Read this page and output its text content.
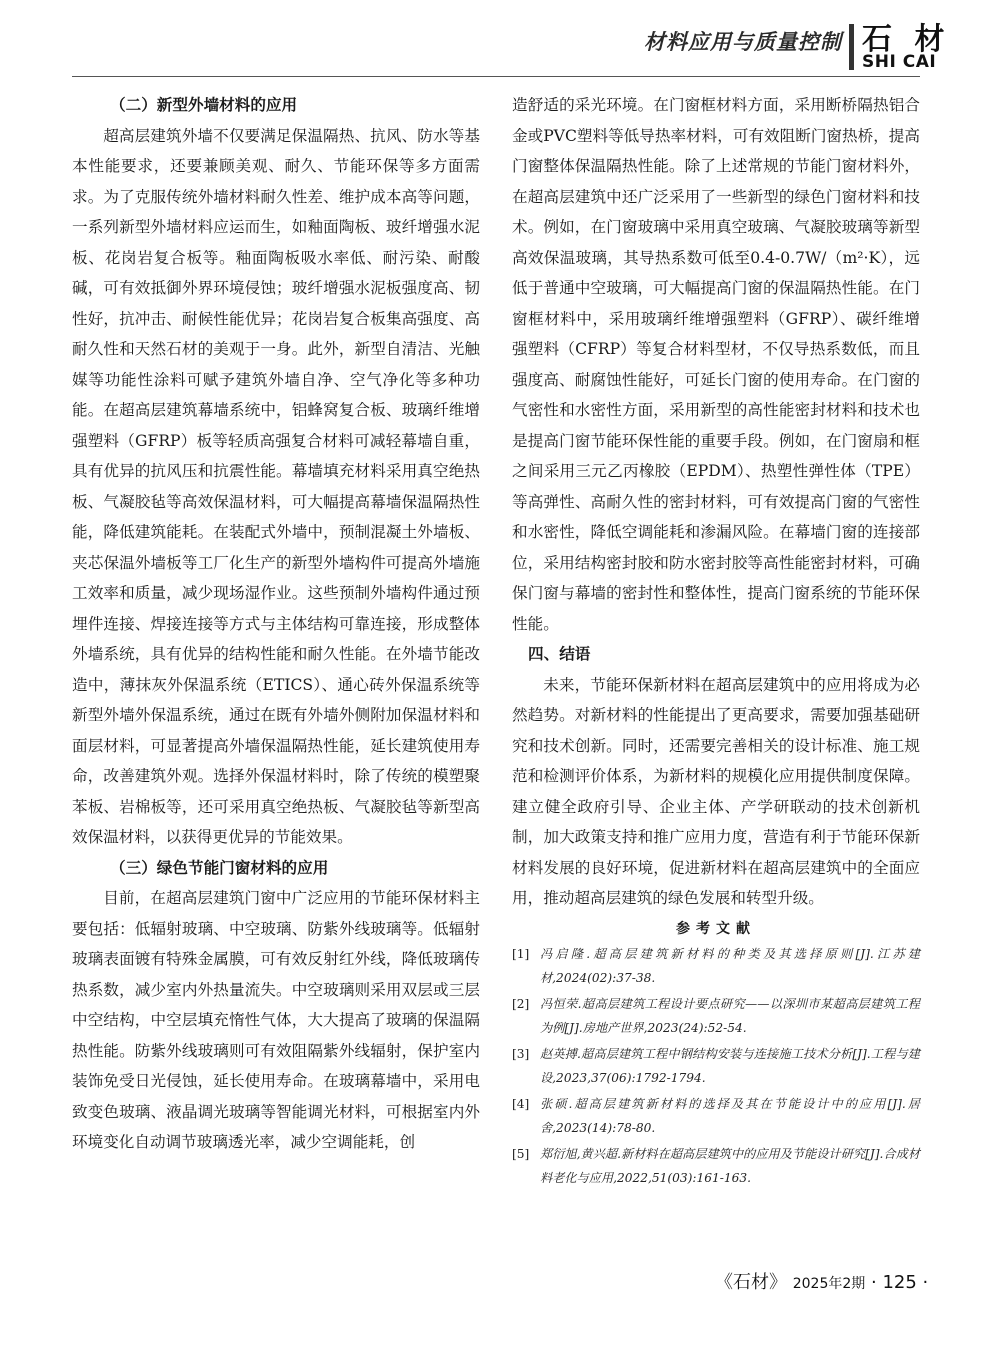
材料应用与质量控制 石 材
SHI CAI

（二）新型外墙材料的应用

超高层建筑外墙不仅要满足保温隔热、抗风、防水等基本性能要求，还要兼顾美观、耐久、节能环保等多方面需求。为了克服传统外墙材料耐久性差、维护成本高等问题，一系列新型外墙材料应运而生，如釉面陶板、玻纤增强水泥板、花岗岩复合板等。釉面陶板吸水率低、耐污染、耐酸碱，可有效抵御外界环境侵蚀；玻纤增强水泥板强度高、韧性好，抗冲击、耐候性能优异；花岗岩复合板集高强度、高耐久性和天然石材的美观于一身。此外，新型自清洁、光触媒等功能性涂料可赋予建筑外墙自净、空气净化等多种功能。在超高层建筑幕墙系统中，铝蜂窝复合板、玻璃纤维增强塑料（GFRP）板等轻质高强复合材料可减轻幕墙自重，具有优异的抗风压和抗震性能。幕墙填充材料采用真空绝热板、气凝胶毡等高效保温材料，可大幅提高幕墙保温隔热性能，降低建筑能耗。在装配式外墙中，预制混凝土外墙板、夹芯保温外墙板等工厂化生产的新型外墙构件可提高外墙施工效率和质量，减少现场湿作业。这些预制外墙构件通过预埋件连接、焊接连接等方式与主体结构可靠连接，形成整体外墙系统，具有优异的结构性能和耐久性能。在外墙节能改造中，薄抹灰外保温系统（ETICS）、通心砖外保温系统等新型外墙外保温系统，通过在既有外墙外侧附加保温材料和面层材料，可显著提高外墙保温隔热性能，延长建筑使用寿命，改善建筑外观。选择外保温材料时，除了传统的模塑聚苯板、岩棉板等，还可采用真空绝热板、气凝胶毡等新型高效保温材料，以获得更优异的节能效果。

（三）绿色节能门窗材料的应用

目前，在超高层建筑门窗中广泛应用的节能环保材料主要包括：低辐射玻璃、中空玻璃、防紫外线玻璃等。低辐射玻璃表面镀有特殊金属膜，可有效反射红外线，降低玻璃传热系数，减少室内外热量流失。中空玻璃则采用双层或三层中空结构，中空层填充惰性气体，大大提高了玻璃的保温隔热性能。防紫外线玻璃则可有效阻隔紫外线辐射，保护室内装饰免受日光侵蚀，延长使用寿命。在玻璃幕墙中，采用电致变色玻璃、液晶调光玻璃等智能调光材料，可根据室内外环境变化自动调节玻璃透光率，减少空调能耗，创

造舒适的采光环境。在门窗框材料方面，采用断桥隔热铝合金或PVC塑料等低导热率材料，可有效阻断门窗热桥，提高门窗整体保温隔热性能。除了上述常规的节能门窗材料外，在超高层建筑中还广泛采用了一些新型的绿色门窗材料和技术。例如，在门窗玻璃中采用真空玻璃、气凝胶玻璃等新型高效保温玻璃，其导热系数可低至0.4-0.7W/（m²·K），远低于普通中空玻璃，可大幅提高门窗的保温隔热性能。在门窗框材料中，采用玻璃纤维增强塑料（GFRP）、碳纤维增强塑料（CFRP）等复合材料型材，不仅导热系数低，而且强度高、耐腐蚀性能好，可延长门窗的使用寿命。在门窗的气密性和水密性方面，采用新型的高性能密封材料和技术也是提高门窗节能环保性能的重要手段。例如，在门窗扇和框之间采用三元乙丙橡胶（EPDM）、热塑性弹性体（TPE）等高弹性、高耐久性的密封材料，可有效提高门窗的气密性和水密性，降低空调能耗和渗漏风险。在幕墙门窗的连接部位，采用结构密封胶和防水密封胶等高性能密封材料，可确保门窗与幕墙的密封性和整体性，提高门窗系统的节能环保性能。

四、结语

未来，节能环保新材料在超高层建筑中的应用将成为必然趋势。对新材料的性能提出了更高要求，需要加强基础研究和技术创新。同时，还需要完善相关的设计标准、施工规范和检测评价体系，为新材料的规模化应用提供制度保障。建立健全政府引导、企业主体、产学研联动的技术创新机制，加大政策支持和推广应用力度，营造有利于节能环保新材料发展的良好环境，促进新材料在超高层建筑中的全面应用，推动超高层建筑的绿色发展和转型升级。

参考文献
[1] 冯启隆.超高层建筑新材料的种类及其选择原则[J].江苏建材,2024(02):37-38.
[2] 冯恒荣.超高层建筑工程设计要点研究——以深圳市某超高层建筑工程为例[J].房地产世界,2023(24):52-54.
[3] 赵英搏.超高层建筑工程中钢结构安装与连接施工技术分析[J].工程与建设,2023,37(06):1792-1794.
[4] 张硕.超高层建筑新材料的选择及其在节能设计中的应用[J].居舍,2023(14):78-80.
[5] 郑衍旭,黄兴超.新材料在超高层建筑中的应用及节能设计研究[J].合成材料老化与应用,2022,51(03):161-163.
《石材》 2025年2期 · 125 ·
